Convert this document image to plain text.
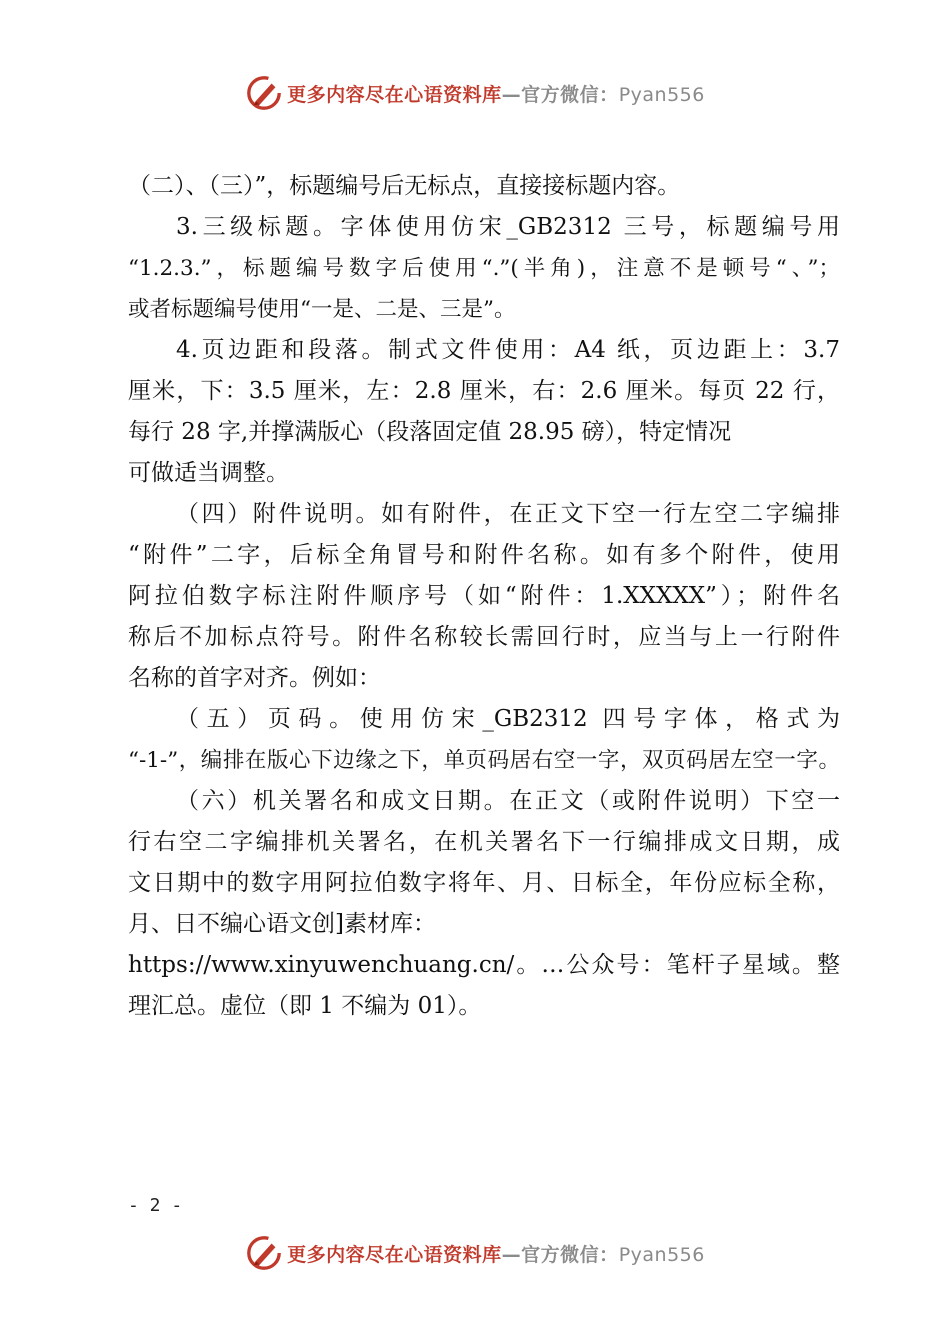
更多内容尽在心语资料库—官方微信：Pyan556
（二）、（三）”，标题编号后无标点，直接接标题内容。
3.三级标题。字体使用仿宋_GB2312 三号，标题编号用
“1.2.3.”，标题编号数字后使用“.”(半角)，注意不是顿号“、”；
或者标题编号使用“一是、二是、三是”。
4.页边距和段落。制式文件使用：A4 纸，页边距上：3.7
厘米，下：3.5 厘米，左：2.8 厘米，右：2.6 厘米。每页 22 行，
每行 28 字,并撑满版心（段落固定值 28.95 磅），特定情况
可做适当调整。
（四）附件说明。如有附件，在正文下空一行左空二字编排
“附件”二字，后标全角冒号和附件名称。如有多个附件，使用
阿拉伯数字标注附件顺序号（如“附件：1.XXXXX”）；附件名
称后不加标点符号。附件名称较长需回行时，应当与上一行附件
名称的首字对齐。例如：
（五）页码。使用仿宋_GB2312 四号字体，格式为
“-1-”，编排在版心下边缘之下，单页码居右空一字，双页码居左空一字。
（六）机关署名和成文日期。在正文（或附件说明）下空一
行右空二字编排机关署名，在机关署名下一行编排成文日期，成
文日期中的数字用阿拉伯数字将年、月、日标全，年份应标全称，
月、日不编心语文创]素材库：
https://www.xinyuwenchuang.cn/。…公众号：笔杆子星域。整
理汇总。虚位（即 1 不编为 01）。
- 2 -
更多内容尽在心语资料库—官方微信：Pyan556
